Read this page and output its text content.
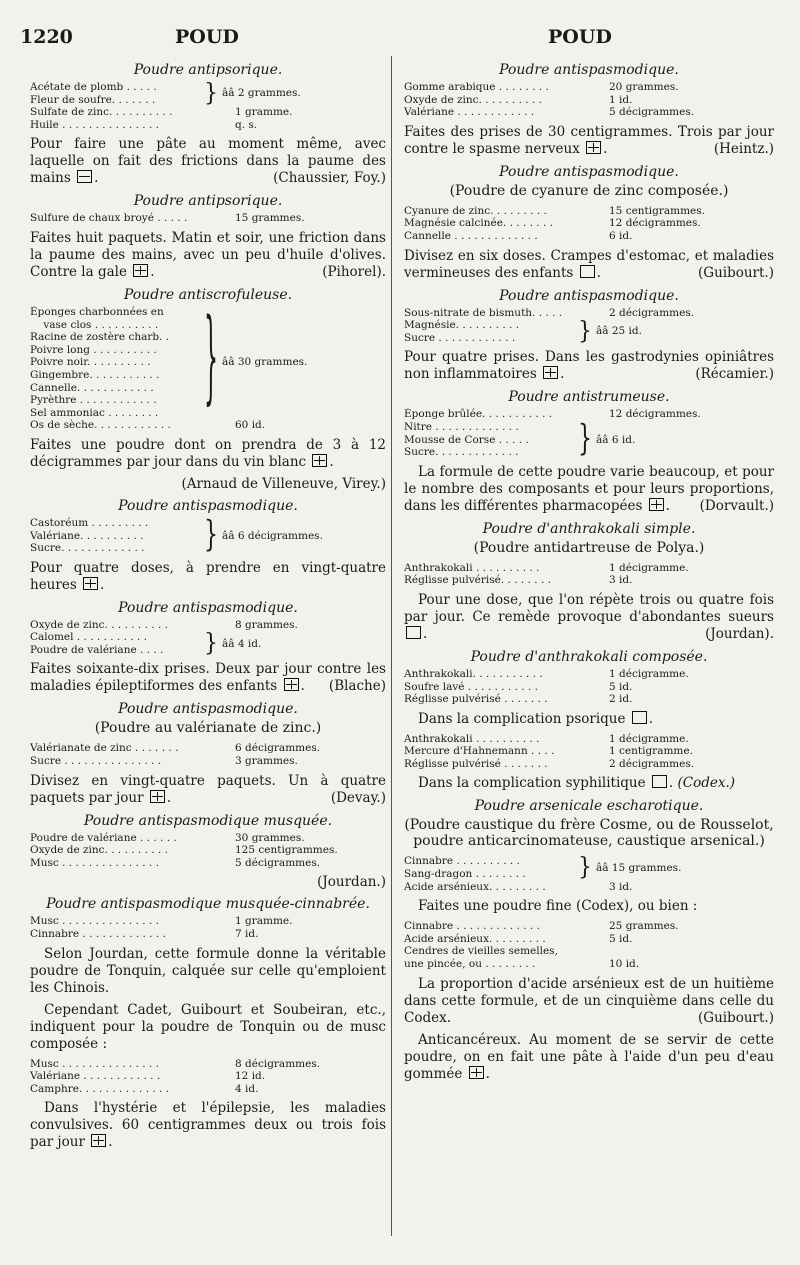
1220	POUD	POUD
Poudre antipsorique.
Acétate de plomb . . . . .
Fleur de soufre. . . . . . .	} ââ 2 grammes.
Sulfate de zinc. . . . . . . . . .	1 gramme.
Huile . . . . . . . . . . . . . . .	q. s.
Pour faire une pâte au moment même, avec laquelle on fait des frictions dans la paume des mains .	(Chaussier, Foy.)
Poudre antipsorique.
Sulfure de chaux broyé . . . . .	15 grammes.
Faites huit paquets. Matin et soir, une friction dans la paume des mains, avec un peu d'huile d'olives. Contre la gale .	(Pihorel).
Poudre antiscrofuleuse.
Éponges charbonnées en
vase clos . . . . . . . . . .
Racine de zostère charb. .
Poivre long . . . . . . . . . .
Poivre noir. . . . . . . . . .
Gingembre. . . . . . . . . . .
Cannelle. . . . . . . . . . . .
Pyrèthre . . . . . . . . . . . .
Sel ammoniac . . . . . . . .	} ââ 30 grammes.
Os de sèche. . . . . . . . . . . .	60 id.
Faites une poudre dont on prendra de 3 à 12 décigrammes par jour dans du vin blanc .
(Arnaud de Villeneuve, Virey.)
Poudre antispasmodique.
Castoréum . . . . . . . . .
Valériane. . . . . . . . . .
Sucre. . . . . . . . . . . . .	} ââ 6 décigrammes.
Pour quatre doses, à prendre en vingt-quatre heures .
Poudre antispasmodique.
Oxyde de zinc. . . . . . . . . .	8 grammes.
Calomel . . . . . . . . . . .
Poudre de valériane . . . .	} ââ 4 id.
Faites soixante-dix prises. Deux par jour contre les maladies épileptiformes des enfants . (Blache)
Poudre antispasmodique.
(Poudre au valérianate de zinc.)
Valérianate de zinc . . . . . . .	6 décigrammes.
Sucre . . . . . . . . . . . . . . .	3 grammes.
Divisez en vingt-quatre paquets. Un à quatre paquets par jour .	(Devay.)
Poudre antispasmodique musquée.
Poudre de valériane . . . . . .	30 grammes.
Oxyde de zinc. . . . . . . . . .	125 centigrammes.
Musc . . . . . . . . . . . . . . .	5 décigrammes.
(Jourdan.)
Poudre antispasmodique musquée-cinnabrée.
Musc . . . . . . . . . . . . . . .	1 gramme.
Cinnabre . . . . . . . . . . . . .	7 id.
Selon Jourdan, cette formule donne la véritable poudre de Tonquin, calquée sur celle qu'emploient les Chinois.
Cependant Cadet, Guibourt et Soubeiran, etc., indiquent pour la poudre de Tonquin ou de musc composée :
Musc . . . . . . . . . . . . . . .	8 décigrammes.
Valériane . . . . . . . . . . . .	12 id.
Camphre. . . . . . . . . . . . . .	4 id.
Dans l'hystérie et l'épilepsie, les maladies convulsives. 60 centigrammes deux ou trois fois par jour .
Poudre antispasmodique.
Gomme arabique . . . . . . . .	20 grammes.
Oxyde de zinc. . . . . . . . . .	1 id.
Valériane . . . . . . . . . . . .	5 décigrammes.
Faites des prises de 30 centigrammes. Trois par jour contre le spasme nerveux .	(Heintz.)
Poudre antispasmodique.
(Poudre de cyanure de zinc composée.)
Cyanure de zinc. . . . . . . . .	15 centigrammes.
Magnésie calcinée. . . . . . . .	12 décigrammes.
Cannelle . . . . . . . . . . . . .	6 id.
Divisez en six doses. Crampes d'estomac, et maladies vermineuses des enfants .	(Guibourt.)
Poudre antispasmodique.
Sous-nitrate de bismuth. . . . .	2 décigrammes.
Magnésie. . . . . . . . . .
Sucre . . . . . . . . . . . .	} ââ 25 id.
Pour quatre prises. Dans les gastrodynies opiniâtres non inflammatoires .	(Récamier.)
Poudre antistrumeuse.
Éponge brûlée. . . . . . . . . . .	12 décigrammes.
Nitre . . . . . . . . . . . . .
Mousse de Corse . . . . .
Sucre. . . . . . . . . . . . .	} ââ 6 id.
La formule de cette poudre varie beaucoup, et pour le nombre des composants et pour leurs proportions, dans les différentes pharmacopées .	(Dorvault.)
Poudre d'anthrakokali simple.
(Poudre antidartreuse de Polya.)
Anthrakokali . . . . . . . . . .	1 décigramme.
Réglisse pulvérisé. . . . . . . .	3 id.
Pour une dose, que l'on répète trois ou quatre fois par jour. Ce remède provoque d'abondantes sueurs .	(Jourdan).
Poudre d'anthrakokali composée.
Anthrakokali. . . . . . . . . . .	1 décigramme.
Soufre lavé . . . . . . . . . . .	5 id.
Réglisse pulvérisé . . . . . . .	2 id.
Dans la complication psorique .
Anthrakokali . . . . . . . . . .	1 décigramme.
Mercure d'Hahnemann . . . .	1 centigramme.
Réglisse pulvérisé . . . . . . .	2 décigrammes.
Dans la complication syphilitique . (Codex.)
Poudre arsenicale escharotique.
(Poudre caustique du frère Cosme, ou de Rousselot, poudre anticarcinomateuse, caustique arsenical.)
Cinnabre . . . . . . . . . .
Sang-dragon . . . . . . . .	} ââ 15 grammes.
Acide arsénieux. . . . . . . . .	3 id.
Faites une poudre fine (Codex), ou bien :
Cinnabre . . . . . . . . . . . . .	25 grammes.
Acide arsénieux. . . . . . . . .	5 id.
Cendres de vieilles semelles,
une pincée, ou . . . . . . . .	10 id.
La proportion d'acide arsénieux est de un huitième dans cette formule, et de un cinquième dans celle du Codex.	(Guibourt.)
Anticancéreux. Au moment de se servir de cette poudre, on en fait une pâte à l'aide d'un peu d'eau gommée .
